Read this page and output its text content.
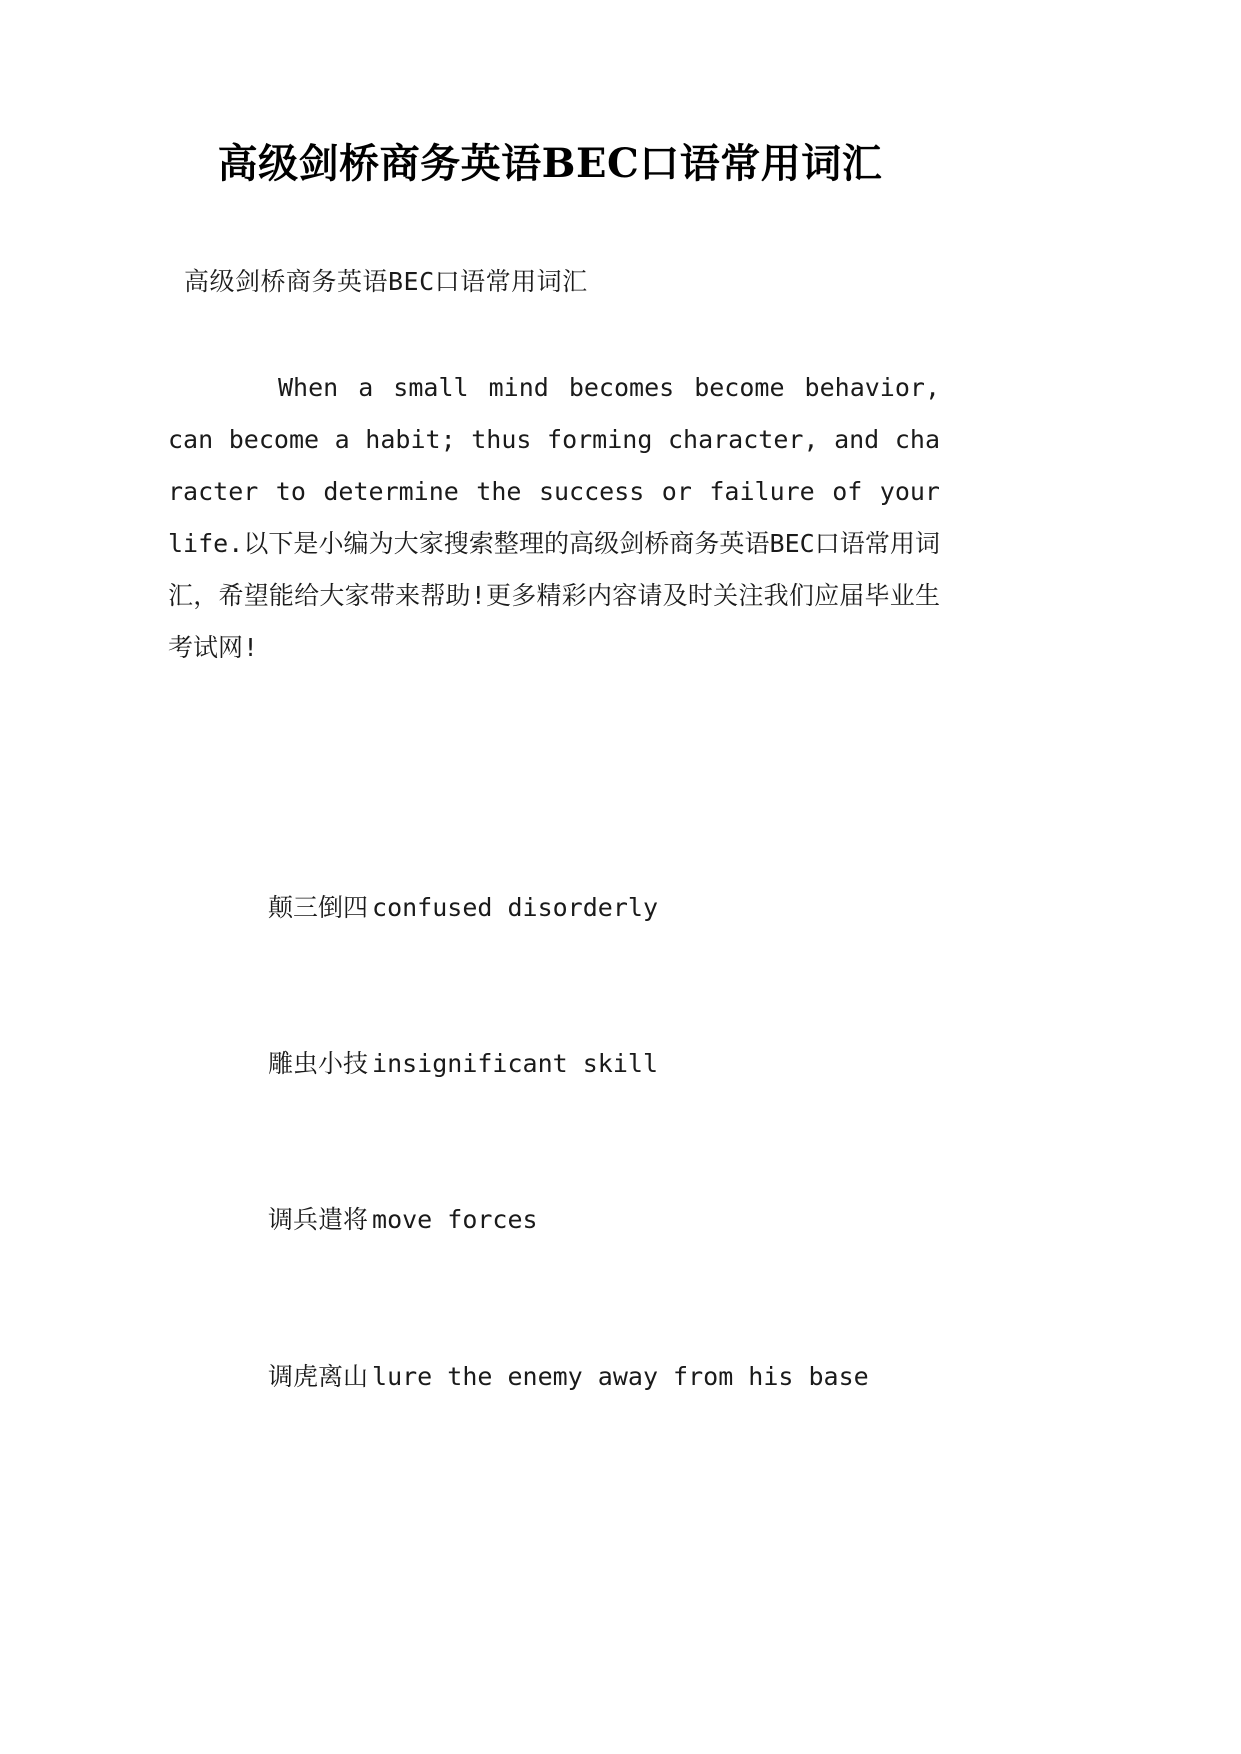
高级剑桥商务英语BEC口语常用词汇
高级剑桥商务英语BEC口语常用词汇

When a small mind becomes become behavior, can become a habit; thus forming character, and character to determine the success or failure of your life.以下是小编为大家搜索整理的高级剑桥商务英语BEC口语常用词汇，希望能给大家带来帮助!更多精彩内容请及时关注我们应届毕业生考试网!

颠三倒四 confused disorderly
雕虫小技 insignificant skill
调兵遣将 move forces
调虎离山 lure the enemy away from his base
